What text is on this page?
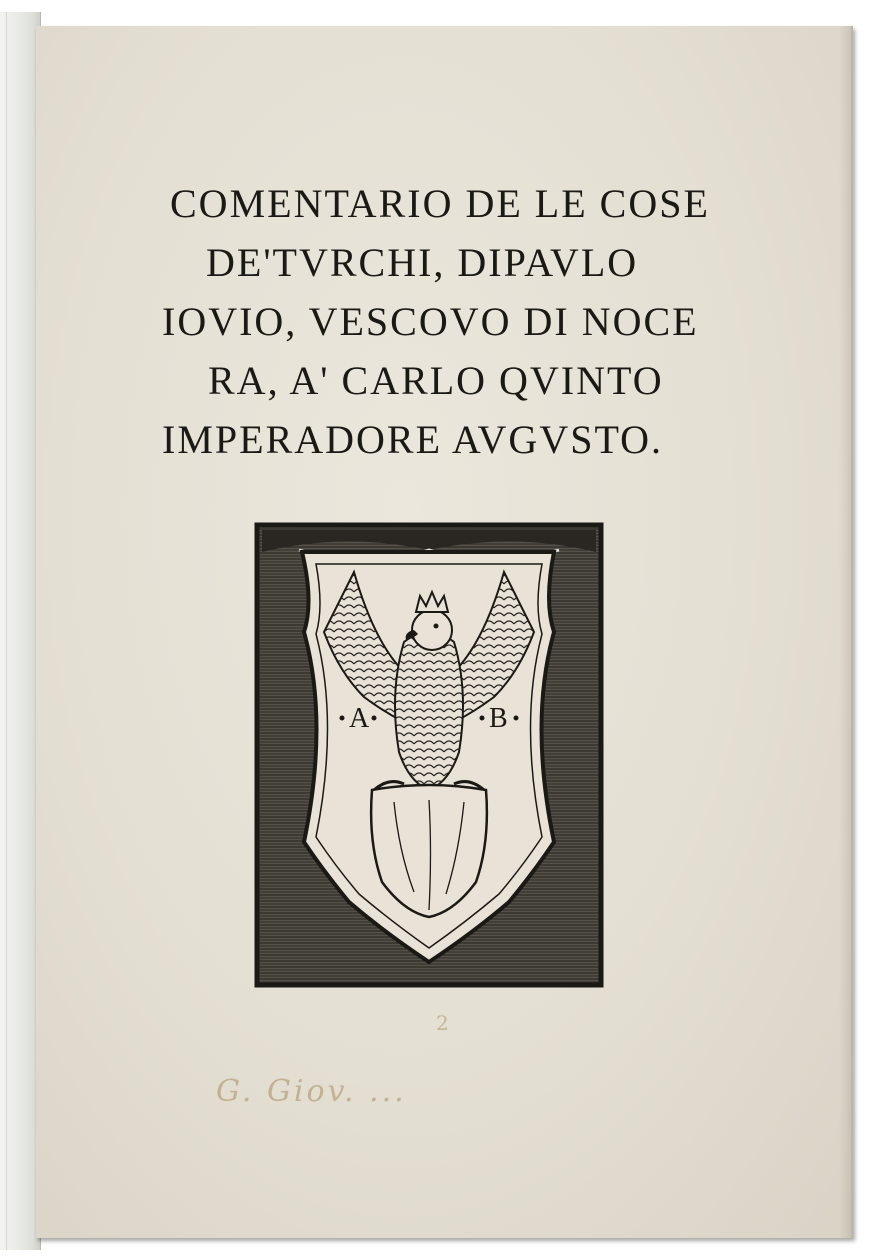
COMENTARIO DE LE COSE
DE'TVRCHI, DIPAVLO
IOVIO, VESCOVO DI NOCE
RA, A' CARLO QVINTO
IMPERADORE AVGVSTO.
A	B
2
G. Giov. ...
